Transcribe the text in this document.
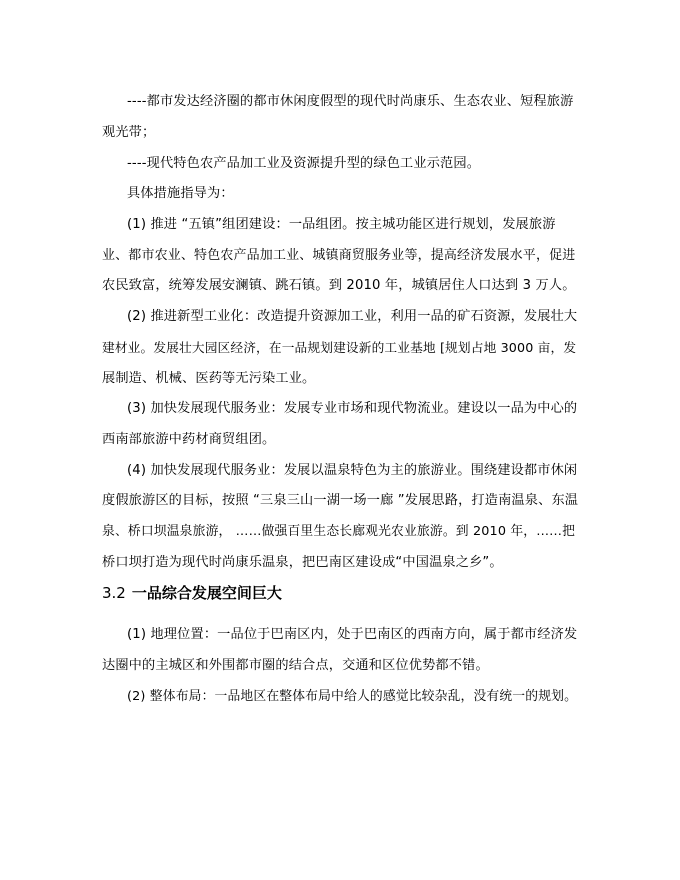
----都市发达经济圈的都市休闲度假型的现代时尚康乐、生态农业、短程旅游
观光带；
----现代特色农产品加工业及资源提升型的绿色工业示范园。
具体措施指导为：
(1) 推进 “五镇”组团建设：一品组团。按主城功能区进行规划，发展旅游
业、都市农业、特色农产品加工业、城镇商贸服务业等，提高经济发展水平，促进
农民致富，统筹发展安澜镇、跳石镇。到 2010 年，城镇居住人口达到 3 万人。
(2) 推进新型工业化：改造提升资源加工业，利用一品的矿石资源，发展壮大
建材业。发展壮大园区经济，在一品规划建设新的工业基地 [规划占地 3000 亩，发
展制造、机械、医药等无污染工业。
(3) 加快发展现代服务业：发展专业市场和现代物流业。建设以一品为中心的
西南部旅游中药材商贸组团。
(4) 加快发展现代服务业：发展以温泉特色为主的旅游业。围绕建设都市休闲
度假旅游区的目标，按照 “三泉三山一湖一场一廊 ”发展思路，打造南温泉、东温
泉、桥口坝温泉旅游， ……做强百里生态长廊观光农业旅游。到 2010 年，……把
桥口坝打造为现代时尚康乐温泉，把巴南区建设成“中国温泉之乡”。
3.2 一品综合发展空间巨大
(1) 地理位置：一品位于巴南区内，处于巴南区的西南方向，属于都市经济发
达圈中的主城区和外围都市圈的结合点，交通和区位优势都不错。
(2) 整体布局：一品地区在整体布局中给人的感觉比较杂乱，没有统一的规划。
